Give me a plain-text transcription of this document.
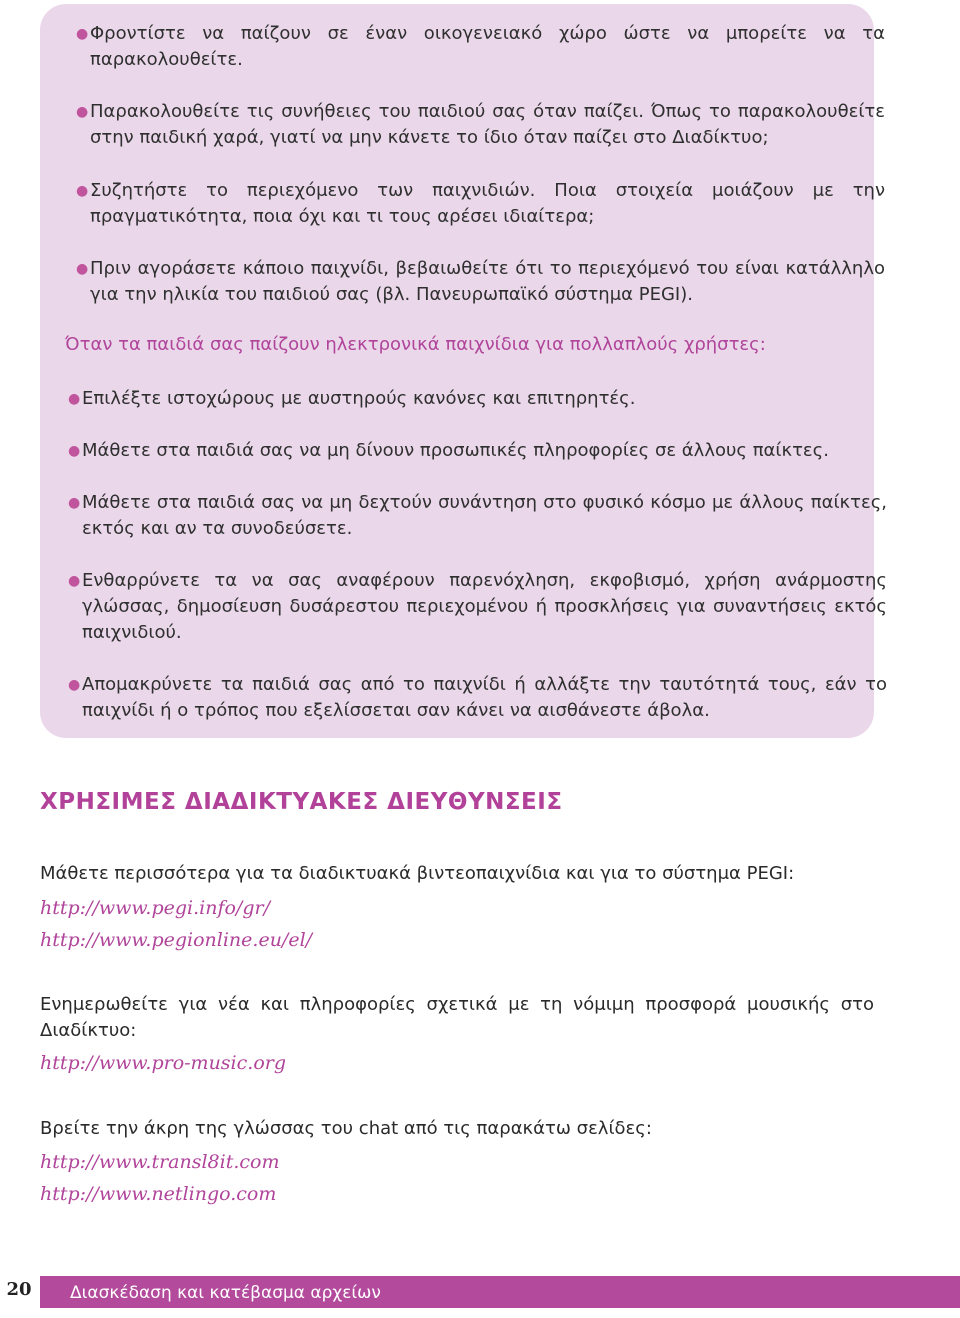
● Φροντίστε να παίζουν σε έναν οικογενειακό χώρο ώστε να μπορείτε να τα παρακολουθείτε.
● Παρακολουθείτε τις συνήθειες του παιδιού σας όταν παίζει. Όπως το παρακολουθείτε στην παιδική χαρά, γιατί να μην κάνετε το ίδιο όταν παίζει στο Διαδίκτυο;
● Συζητήστε το περιεχόμενο των παιχνιδιών. Ποια στοιχεία μοιάζουν με την πραγματικότητα, ποια όχι και τι τους αρέσει ιδιαίτερα;
● Πριν αγοράσετε κάποιο παιχνίδι, βεβαιωθείτε ότι το περιεχόμενό του είναι κατάλληλο για την ηλικία του παιδιού σας (βλ. Πανευρωπαϊκό σύστημα PEGI).
Όταν τα παιδιά σας παίζουν ηλεκτρονικά παιχνίδια για πολλαπλούς χρήστες:
● Επιλέξτε ιστοχώρους με αυστηρούς κανόνες και επιτηρητές.
● Μάθετε στα παιδιά σας να μη δίνουν προσωπικές πληροφορίες σε άλλους παίκτες.
● Μάθετε στα παιδιά σας να μη δεχτούν συνάντηση στο φυσικό κόσμο με άλλους παίκτες, εκτός και αν τα συνοδεύσετε.
● Ενθαρρύνετε τα να σας αναφέρουν παρενόχληση, εκφοβισμό, χρήση ανάρμοστης γλώσσας, δημοσίευση δυσάρεστου περιεχομένου ή προσκλήσεις για συναντήσεις εκτός παιχνιδιού.
● Απομακρύνετε τα παιδιά σας από το παιχνίδι ή αλλάξτε την ταυτότητά τους, εάν το παιχνίδι ή ο τρόπος που εξελίσσεται σαν κάνει να αισθάνεστε άβολα.
ΧΡΗΣΙΜΕΣ ΔΙΑΔΙΚΤΥΑΚΕΣ ΔΙΕΥΘΥΝΣΕΙΣ
Μάθετε περισσότερα για τα διαδικτυακά βιντεοπαιχνίδια και για το σύστημα PEGI:
http://www.pegi.info/gr/
http://www.pegionline.eu/el/
Ενημερωθείτε για νέα και πληροφορίες σχετικά με τη νόμιμη προσφορά μουσικής στο Διαδίκτυο:
http://www.pro-music.org
Βρείτε την άκρη της γλώσσας του chat από τις παρακάτω σελίδες:
http://www.transl8it.com
http://www.netlingo.com
20	Διασκέδαση και κατέβασμα αρχείων
